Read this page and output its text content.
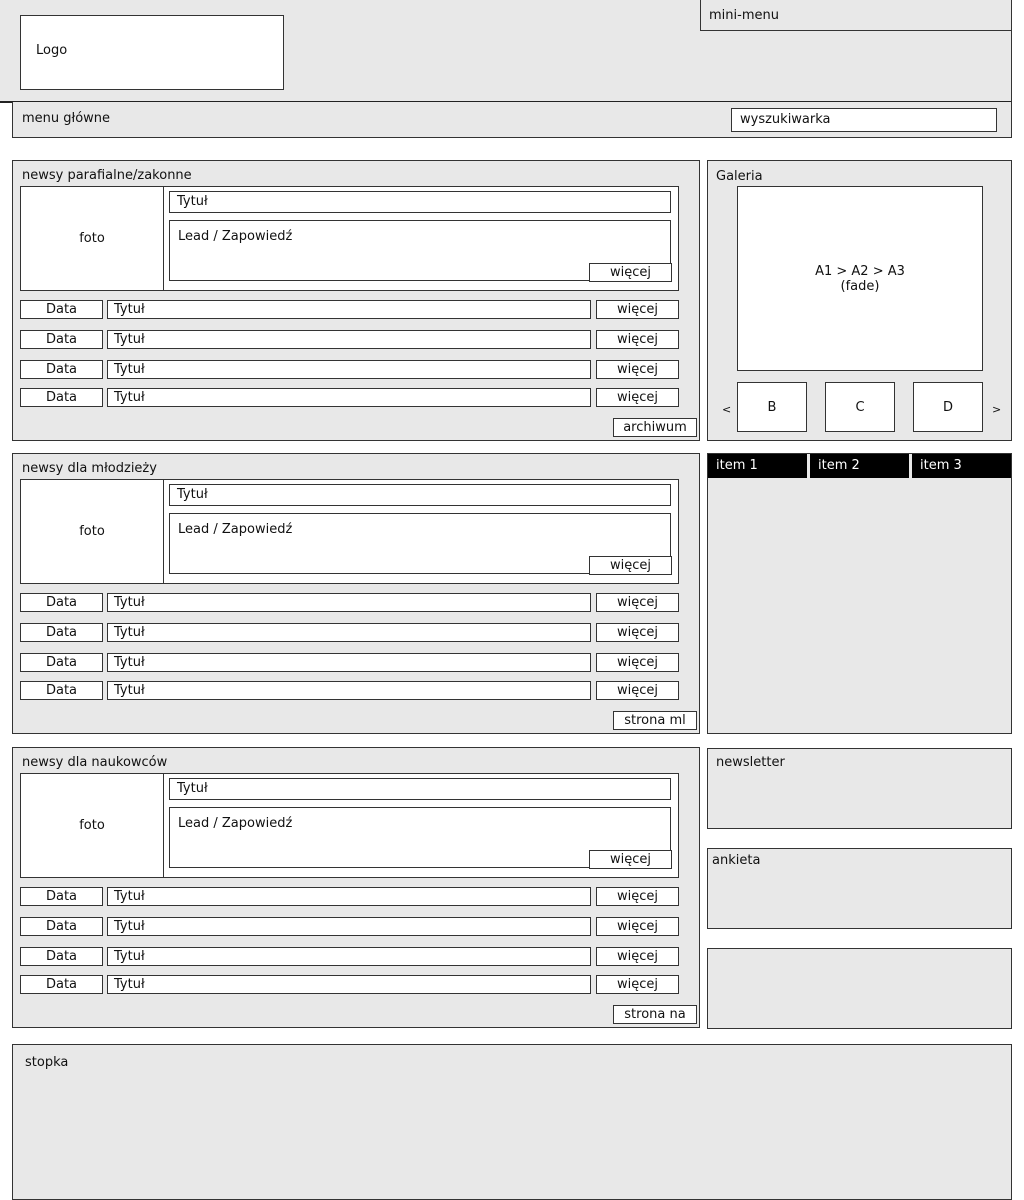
Logo
mini-menu
menu główne	wyszukiwarka
newsy parafialne/zakonne
foto
Tytuł
Lead / Zapowiedź
więcej
Data	Tytuł	więcej
Data	Tytuł	więcej
Data	Tytuł	więcej
Data	Tytuł	więcej
archiwum
newsy dla młodzieży
foto
Tytuł
Lead / Zapowiedź
więcej
Data	Tytuł	więcej
Data	Tytuł	więcej
Data	Tytuł	więcej
Data	Tytuł	więcej
strona ml
newsy dla naukowców
foto
Tytuł
Lead / Zapowiedź
więcej
Data	Tytuł	więcej
Data	Tytuł	więcej
Data	Tytuł	więcej
Data	Tytuł	więcej
strona na
Galeria
A1 > A2 > A3
(fade)
<	B	C	D	>
item 1	item 2	item 3
newsletter
ankieta
stopka
